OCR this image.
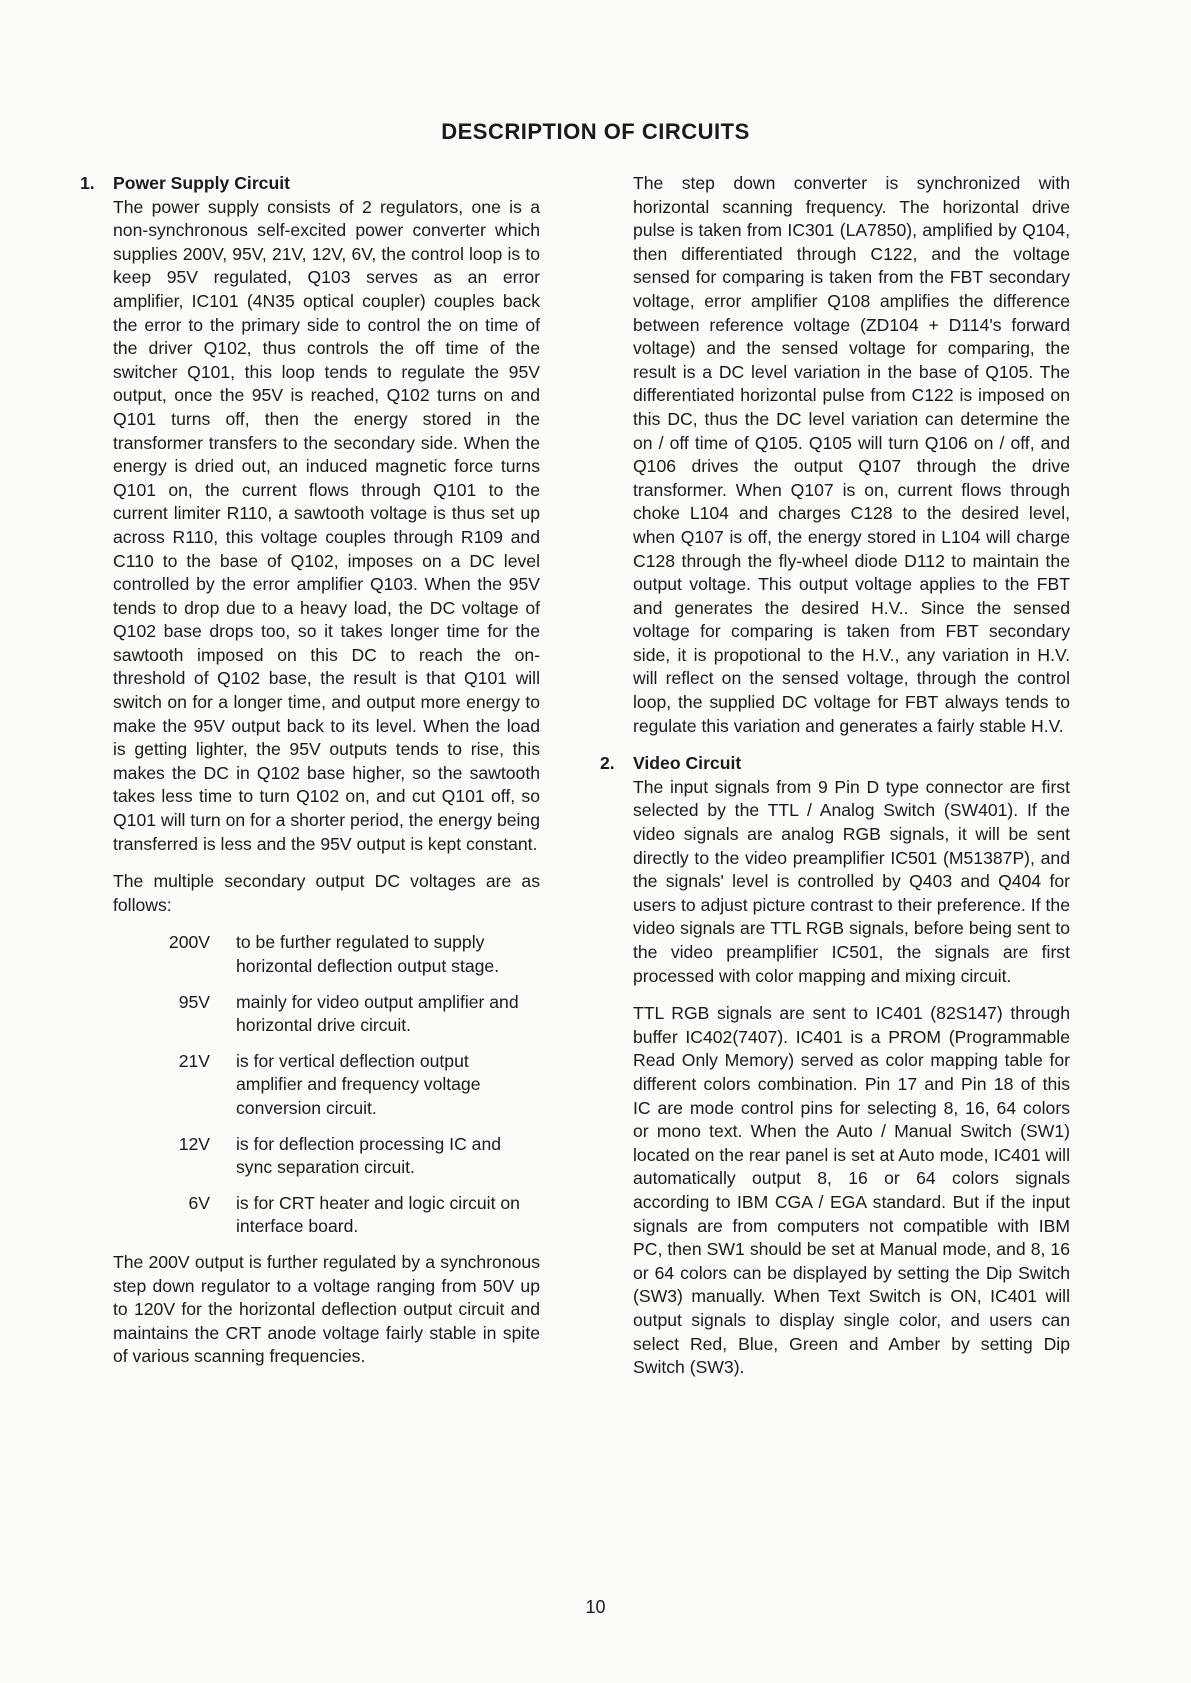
DESCRIPTION OF CIRCUITS
1. Power Supply Circuit
The power supply consists of 2 regulators, one is a non-synchronous self-excited power converter which supplies 200V, 95V, 21V, 12V, 6V, the control loop is to keep 95V regulated, Q103 serves as an error amplifier, IC101 (4N35 optical coupler) couples back the error to the primary side to control the on time of the driver Q102, thus controls the off time of the switcher Q101, this loop tends to regulate the 95V output, once the 95V is reached, Q102 turns on and Q101 turns off, then the energy stored in the transformer transfers to the secondary side. When the energy is dried out, an induced magnetic force turns Q101 on, the current flows through Q101 to the current limiter R110, a sawtooth voltage is thus set up across R110, this voltage couples through R109 and C110 to the base of Q102, imposes on a DC level controlled by the error amplifier Q103. When the 95V tends to drop due to a heavy load, the DC voltage of Q102 base drops too, so it takes longer time for the sawtooth imposed on this DC to reach the on-threshold of Q102 base, the result is that Q101 will switch on for a longer time, and output more energy to make the 95V output back to its level. When the load is getting lighter, the 95V outputs tends to rise, this makes the DC in Q102 base higher, so the sawtooth takes less time to turn Q102 on, and cut Q101 off, so Q101 will turn on for a shorter period, the energy being transferred is less and the 95V output is kept constant.
The multiple secondary output DC voltages are as follows:
200V	to be further regulated to supply horizontal deflection output stage.
95V	mainly for video output amplifier and horizontal drive circuit.
21V	is for vertical deflection output amplifier and frequency voltage conversion circuit.
12V	is for deflection processing IC and sync separation circuit.
6V	is for CRT heater and logic circuit on interface board.
The 200V output is further regulated by a synchronous step down regulator to a voltage ranging from 50V up to 120V for the horizontal deflection output circuit and maintains the CRT anode voltage fairly stable in spite of various scanning frequencies.
The step down converter is synchronized with horizontal scanning frequency. The horizontal drive pulse is taken from IC301 (LA7850), amplified by Q104, then differentiated through C122, and the voltage sensed for comparing is taken from the FBT secondary voltage, error amplifier Q108 amplifies the difference between reference voltage (ZD104 + D114's forward voltage) and the sensed voltage for comparing, the result is a DC level variation in the base of Q105. The differentiated horizontal pulse from C122 is imposed on this DC, thus the DC level variation can determine the on / off time of Q105. Q105 will turn Q106 on / off, and Q106 drives the output Q107 through the drive transformer. When Q107 is on, current flows through choke L104 and charges C128 to the desired level, when Q107 is off, the energy stored in L104 will charge C128 through the fly-wheel diode D112 to maintain the output voltage. This output voltage applies to the FBT and generates the desired H.V.. Since the sensed voltage for comparing is taken from FBT secondary side, it is propotional to the H.V., any variation in H.V. will reflect on the sensed voltage, through the control loop, the supplied DC voltage for FBT always tends to regulate this variation and generates a fairly stable H.V.
2. Video Circuit
The input signals from 9 Pin D type connector are first selected by the TTL / Analog Switch (SW401). If the video signals are analog RGB signals, it will be sent directly to the video preamplifier IC501 (M51387P), and the signals' level is controlled by Q403 and Q404 for users to adjust picture contrast to their preference. If the video signals are TTL RGB signals, before being sent to the video preamplifier IC501, the signals are first processed with color mapping and mixing circuit.
TTL RGB signals are sent to IC401 (82S147) through buffer IC402(7407). IC401 is a PROM (Programmable Read Only Memory) served as color mapping table for different colors combination. Pin 17 and Pin 18 of this IC are mode control pins for selecting 8, 16, 64 colors or mono text. When the Auto / Manual Switch (SW1) located on the rear panel is set at Auto mode, IC401 will automatically output 8, 16 or 64 colors signals according to IBM CGA / EGA standard. But if the input signals are from computers not compatible with IBM PC, then SW1 should be set at Manual mode, and 8, 16 or 64 colors can be displayed by setting the Dip Switch (SW3) manually. When Text Switch is ON, IC401 will output signals to display single color, and users can select Red, Blue, Green and Amber by setting Dip Switch (SW3).
10
